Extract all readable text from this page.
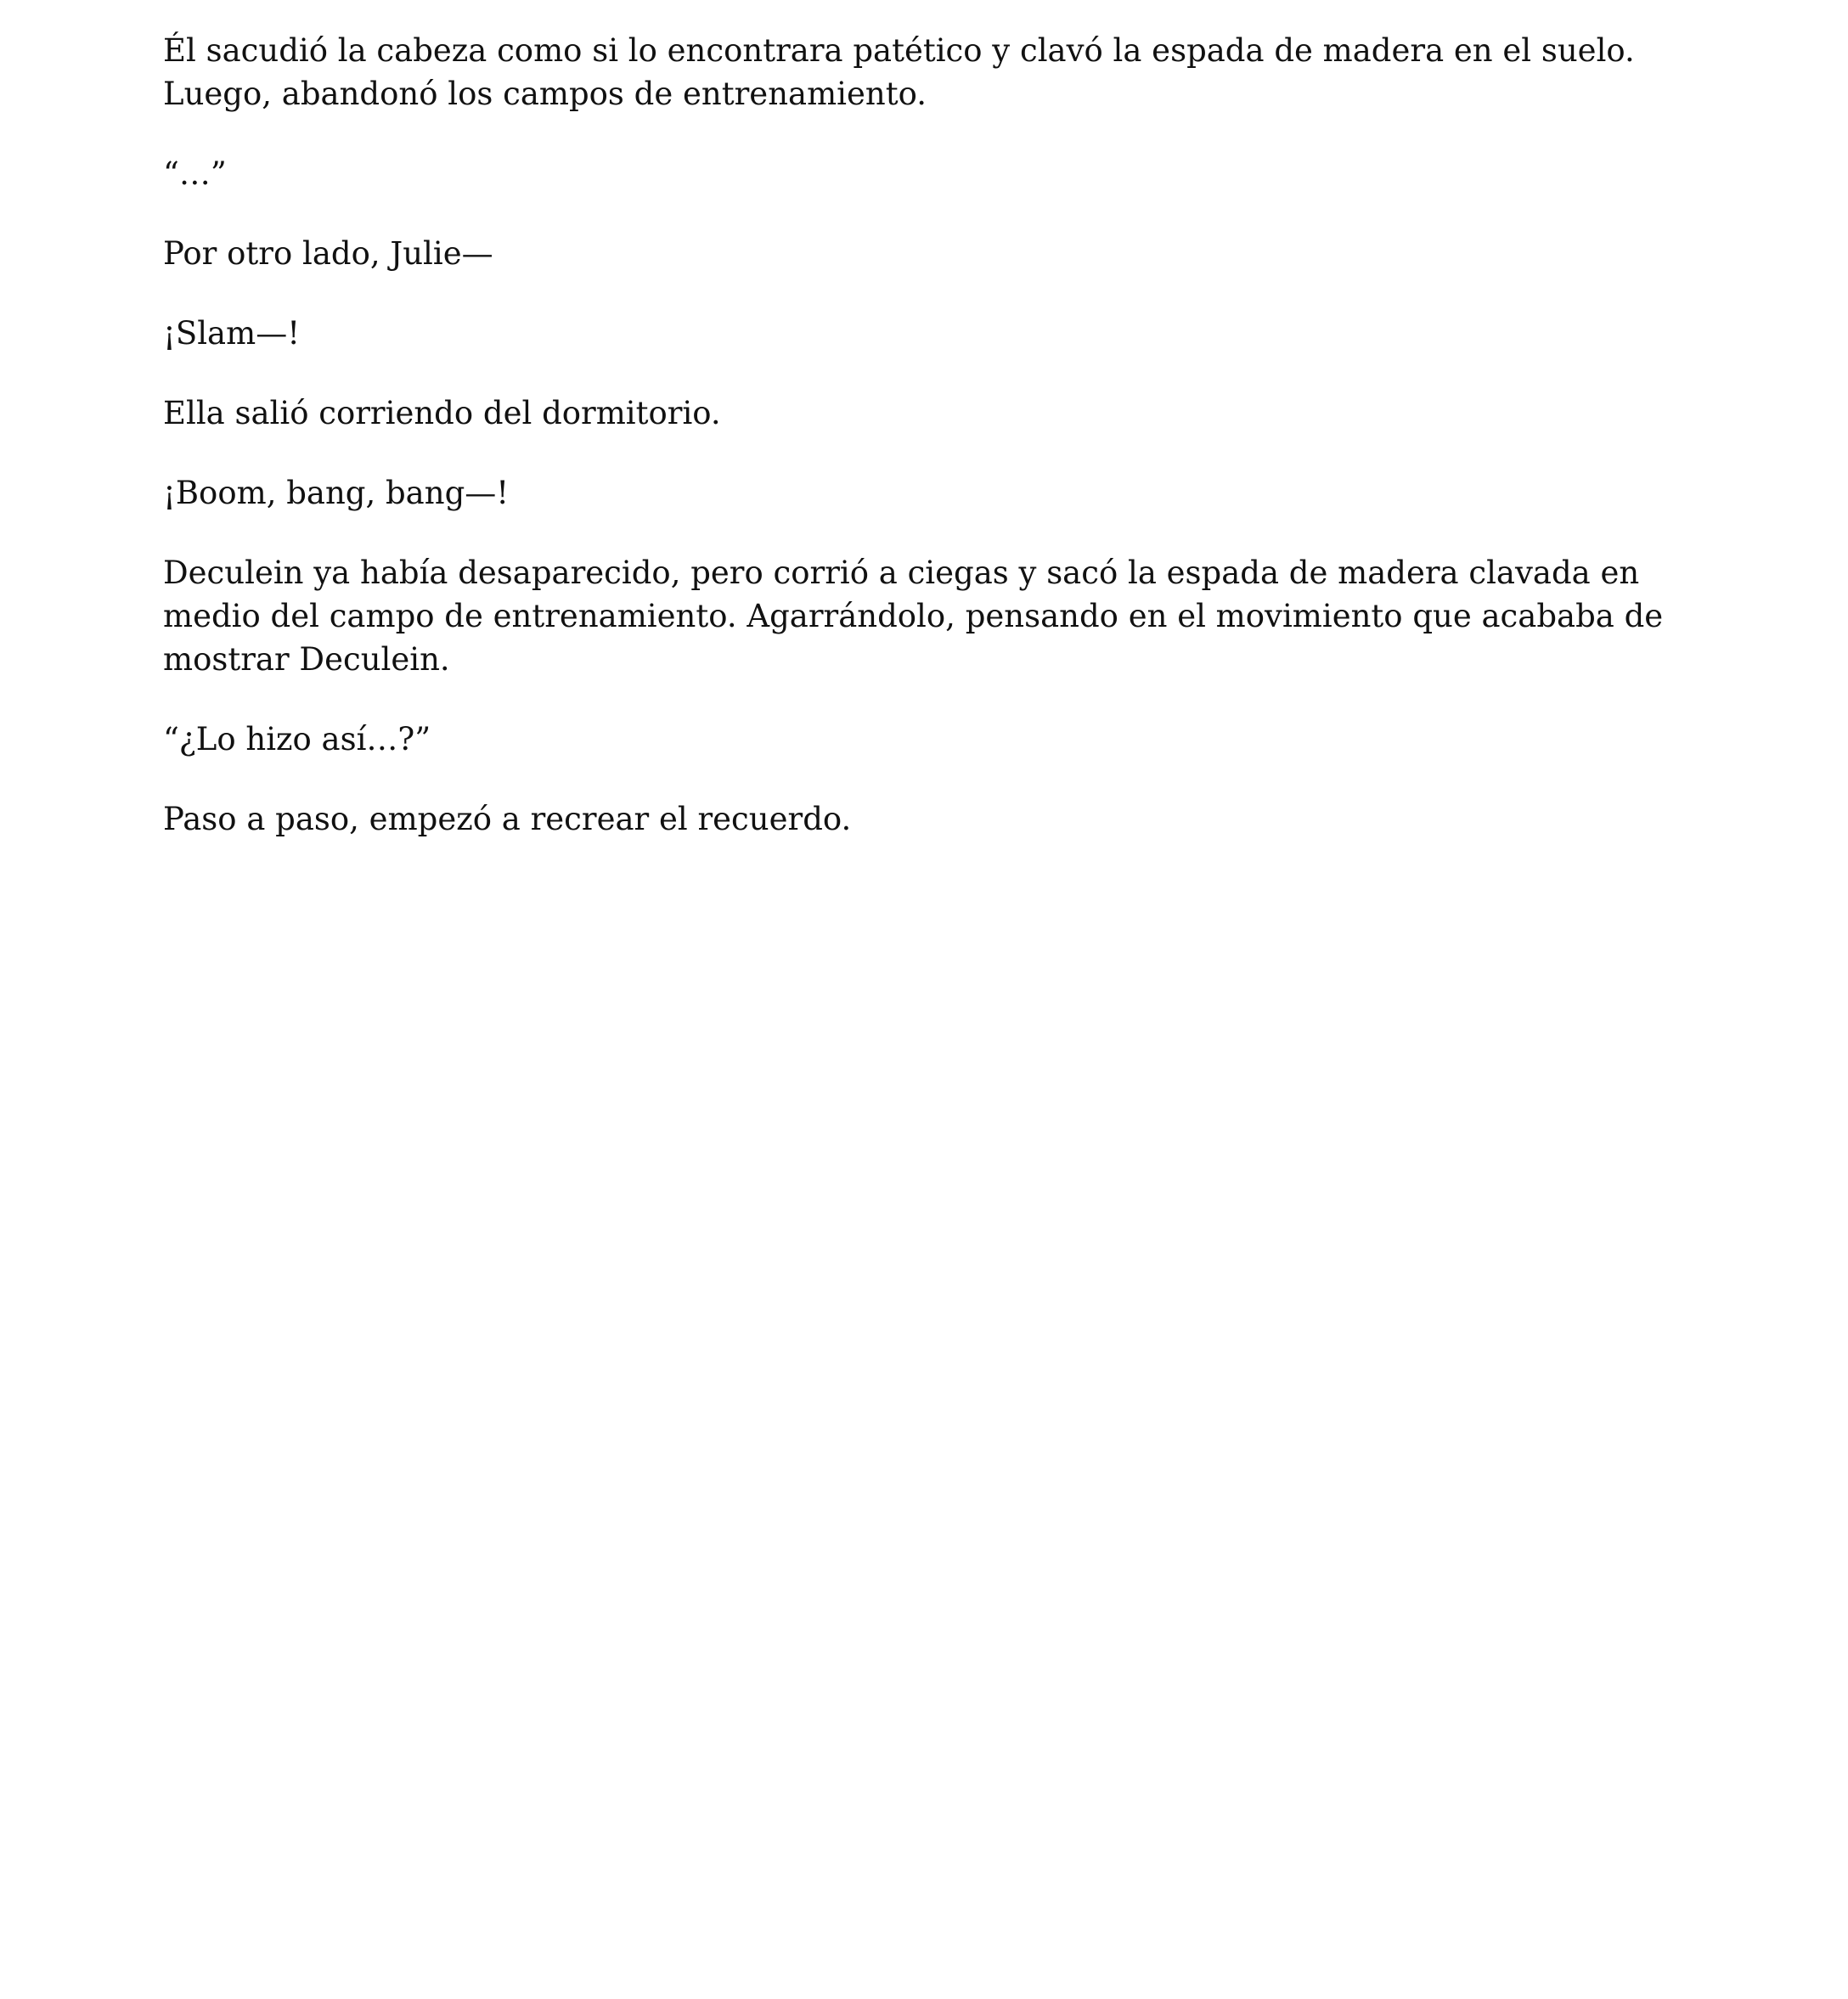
Él sacudió la cabeza como si lo encontrara patético y clavó la espada de madera en el suelo. Luego, abandonó los campos de entrenamiento.

“…”

Por otro lado, Julie—

¡Slam—!

Ella salió corriendo del dormitorio.

¡Boom, bang, bang—!

Deculein ya había desaparecido, pero corrió a ciegas y sacó la espada de madera clavada en medio del campo de entrenamiento. Agarrándolo, pensando en el movimiento que acababa de mostrar Deculein.

“¿Lo hizo así…?”

Paso a paso, empezó a recrear el recuerdo.
